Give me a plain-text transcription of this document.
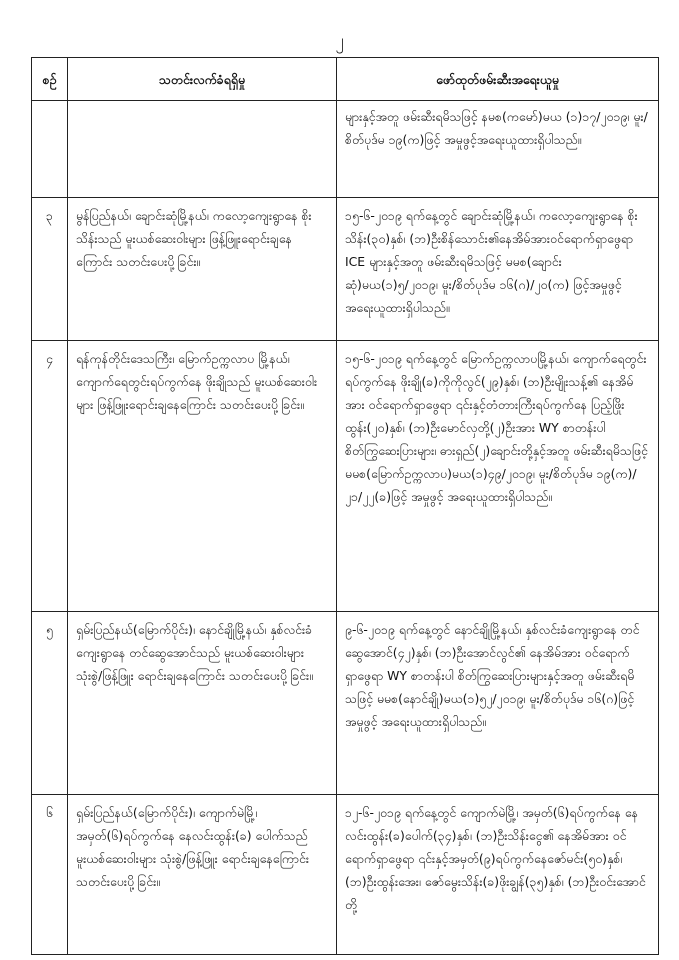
၂
စဉ်	သတင်းလက်ခံရရှိမှု	ဖော်ထုတ်ဖမ်းဆီးအရေးယူမှု
		များနှင့်အတူ ဖမ်းဆီးရမိသဖြင့် နမစ(ကမော်)မယ (၁)၁၇/၂၀၁၉၊ မူး/စိတ်ပုဒ်မ ၁၉(က)ဖြင့် အမှုဖွင့်အရေးယူထားရှိပါသည်။
၃	မွန်ပြည်နယ်၊ ချောင်းဆုံမြို့နယ်၊ ကလော့ကျေးရွာနေ စိုးသိန်းသည် မူးယစ်ဆေးဝါးများ ဖြန့်ဖြူးရောင်းချနေကြောင်း သတင်းပေးပို့ခြင်း။	၁၅-၆-၂၀၁၉ ရက်နေ့တွင် ချောင်းဆုံမြို့နယ်၊ ကလော့ကျေးရွာနေ စိုးသိန်း(၃၀)နှစ်၊ (ဘ)ဦးစိန်သောင်း၏နေအိမ်အားဝင်ရောက်ရှာဖွေရာ ICE များနှင့်အတူ ဖမ်းဆီးရမိသဖြင့် မမစ(ချောင်းဆုံ)မယ(၁)၅/၂၀၁၉၊ မူး/စိတ်ပုဒ်မ ၁၆(ဂ)/၂၀(က) ဖြင့်အမှုဖွင့်အရေးယူထားရှိပါသည်။
၄	ရန်ကုန်တိုင်းဒေသကြီး၊ မြောက်ဥက္ကလာပ မြို့နယ်၊ ကျောက်ရေတွင်းရပ်ကွက်နေ ဖိုးချိုသည် မူးယစ်ဆေးဝါးများ ဖြန့်ဖြူးရောင်းချနေကြောင်း သတင်းပေးပို့ခြင်း။	၁၅-၆-၂၀၁၉ ရက်နေ့တွင် မြောက်ဥက္ကလာပမြို့နယ်၊ ကျောက်ရေတွင်းရပ်ကွက်နေ ဖိုးချို(ခ)ကိုကိုလွင်(၂၉)နှစ်၊ (ဘ)ဦးမျိုးသန့်၏ နေအိမ်အား ဝင်ရောက်ရှာဖွေရာ ၎င်းနှင့်တံတားကြီးရပ်ကွက်နေ ပြည့်ဖြိုးထွန်း(၂၀)နှစ်၊ (ဘ)ဦးမောင်လှတို့(၂)ဦးအား WY စာတန်းပါ စိတ်ကြွဆေးပြားများ၊ ဓားရှည်(၂)ချောင်းတို့နှင့်အတူ ဖမ်းဆီးရမိသဖြင့် မမစ(မြောက်ဥက္ကလာပ)မယ(၁)၄၉/၂၀၁၉၊ မူး/စိတ်ပုဒ်မ ၁၉(က)/ ၂၁/၂၂(ခ)ဖြင့် အမှုဖွင့် အရေးယူထားရှိပါသည်။
၅	ရှမ်းပြည်နယ်(မြောက်ပိုင်း)၊ နောင်ချိုမြို့နယ်၊ နှစ်လင်းခံကျေးရွာနေ တင်ဆွေအောင်သည် မူးယစ်ဆေးဝါးများ သုံးစွဲ/ဖြန့်ဖြူး ရောင်းချနေကြောင်း သတင်းပေးပို့ခြင်း။	၉-၆-၂၀၁၉ ရက်နေ့တွင် နောင်ချိုမြို့နယ်၊ နှစ်လင်းခံကျေးရွာနေ တင်ဆွေအောင်(၄၂)နှစ်၊ (ဘ)ဦးအောင်လွင်၏ နေအိမ်အား ဝင်ရောက်ရှာဖွေရာ WY စာတန်းပါ စိတ်ကြွဆေးပြားများနှင့်အတူ ဖမ်းဆီးရမိသဖြင့် မမစ(နောင်ချို)မယ(၁)၅၂/၂၀၁၉၊ မူး/စိတ်ပုဒ်မ ၁၆(ဂ)ဖြင့်အမှုဖွင့် အရေးယူထားရှိပါသည်။
၆	ရှမ်းပြည်နယ်(မြောက်ပိုင်း)၊ ကျောက်မဲမြို့၊ အမှတ်(၆)ရပ်ကွက်နေ နေလင်းထွန်း(ခ) ပေါက်သည် မူးယစ်ဆေးဝါးများ သုံးစွဲ/ဖြန့်ဖြူး ရောင်းချနေကြောင်း သတင်းပေးပို့ခြင်း။	၁၂-၆-၂၀၁၉ ရက်နေ့တွင် ကျောက်မဲမြို့၊ အမှတ်(၆)ရပ်ကွက်နေ နေလင်းထွန်း(ခ)ပေါက်(၃၄)နှစ်၊ (ဘ)ဦးသိန်းငွေ၏ နေအိမ်အား ဝင်ရောက်ရှာဖွေရာ ၎င်းနှင့်အမှတ်(၉)ရပ်ကွက်နေဇော်မင်း(၅၀)နှစ်၊ (ဘ)ဦးထွန်းအေး၊ ဇော်မွေးသိန်း(ခ)ဖိုးချွန်(၃၅)နှစ်၊ (ဘ)ဦးဝင်းအောင်တို့
